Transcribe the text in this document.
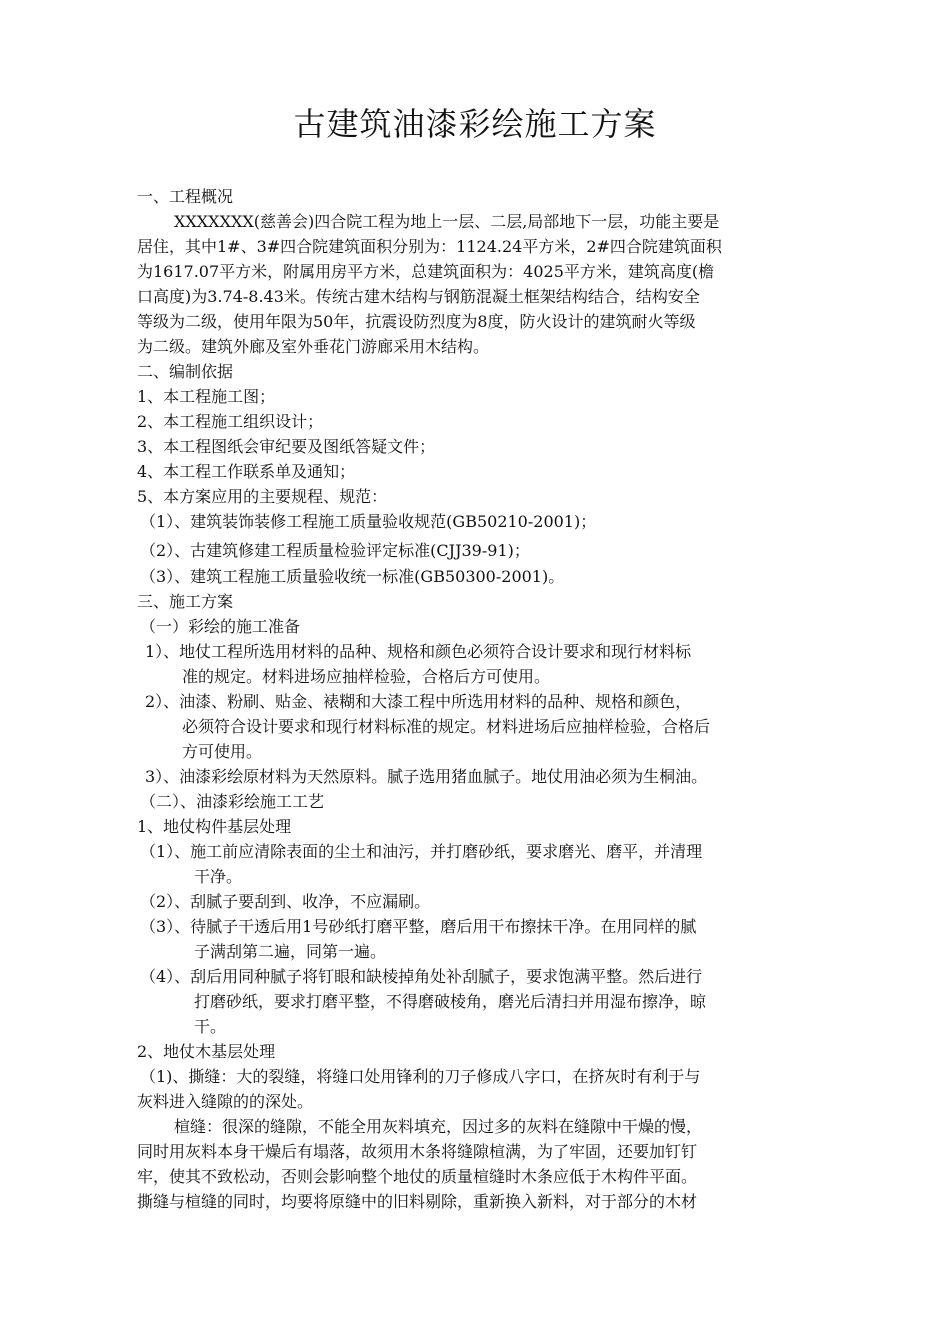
古建筑油漆彩绘施工方案
一、工程概况
XXXXXXX(慈善会)四合院工程为地上一层、二层,局部地下一层，功能主要是
居住，其中1#、3#四合院建筑面积分别为：1124.24平方米，2#四合院建筑面积
为1617.07平方米，附属用房平方米，总建筑面积为：4025平方米，建筑高度(檐
口高度)为3.74-8.43米。传统古建木结构与钢筋混凝土框架结构结合，结构安全
等级为二级，使用年限为50年，抗震设防烈度为8度，防火设计的建筑耐火等级
为二级。建筑外廊及室外垂花门游廊采用木结构。
二、编制依据
1、本工程施工图；
2、本工程施工组织设计；
3、本工程图纸会审纪要及图纸答疑文件；
4、本工程工作联系单及通知；
5、本方案应用的主要规程、规范：
（1）、建筑装饰装修工程施工质量验收规范(GB50210-2001)；
（2）、古建筑修建工程质量检验评定标准(CJJ39-91)；
（3）、建筑工程施工质量验收统一标准(GB50300-2001)。
三、施工方案
（一）彩绘的施工准备
1）、地仗工程所选用材料的品种、规格和颜色必须符合设计要求和现行材料标
准的规定。材料进场应抽样检验，合格后方可使用。
2）、油漆、粉刷、贴金、裱糊和大漆工程中所选用材料的品种、规格和颜色，
必须符合设计要求和现行材料标准的规定。材料进场后应抽样检验，合格后
方可使用。
3）、油漆彩绘原材料为天然原料。腻子选用猪血腻子。地仗用油必须为生桐油。
（二）、油漆彩绘施工工艺
1、地仗构件基层处理
（1）、施工前应清除表面的尘土和油污，并打磨砂纸，要求磨光、磨平，并清理
干净。
（2）、刮腻子要刮到、收净，不应漏刷。
（3）、待腻子干透后用1号砂纸打磨平整，磨后用干布擦抹干净。在用同样的腻
子满刮第二遍，同第一遍。
（4）、刮后用同种腻子将钉眼和缺棱掉角处补刮腻子，要求饱满平整。然后进行
打磨砂纸，要求打磨平整，不得磨破棱角，磨光后清扫并用湿布擦净，晾
干。
2、地仗木基层处理
（1)、撕缝：大的裂缝，将缝口处用锋利的刀子修成八字口，在挤灰时有利于与
灰料进入缝隙的的深处。
楦缝：很深的缝隙，不能全用灰料填充，因过多的灰料在缝隙中干燥的慢，
同时用灰料本身干燥后有塌落，故须用木条将缝隙楦满，为了牢固，还要加钉钉
牢，使其不致松动，否则会影响整个地仗的质量楦缝时木条应低于木构件平面。
撕缝与楦缝的同时，均要将原缝中的旧料剔除，重新换入新料，对于部分的木材
